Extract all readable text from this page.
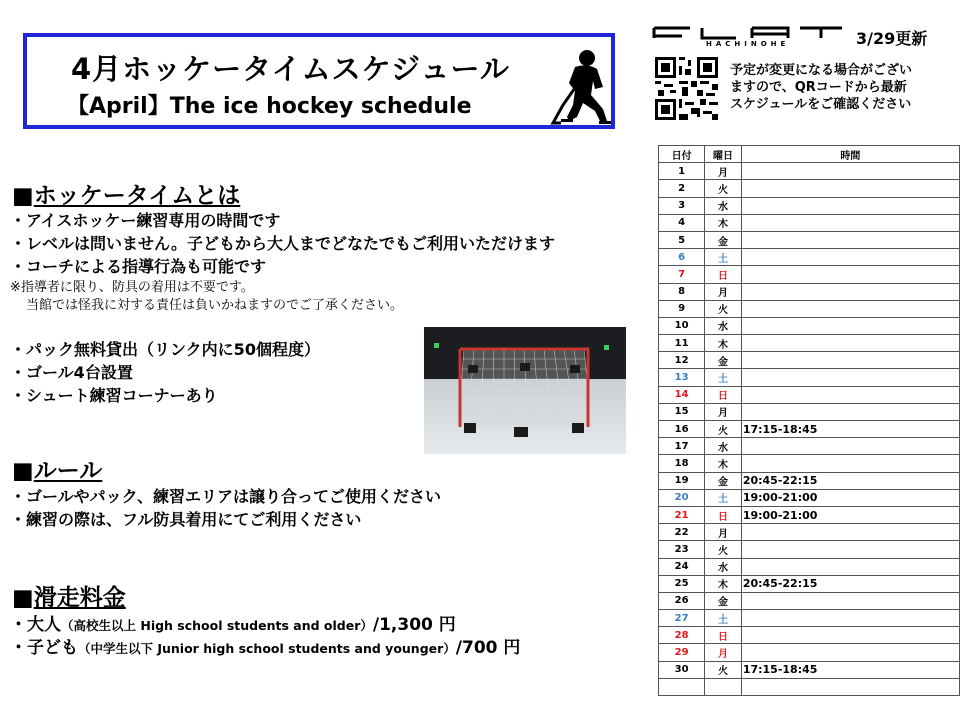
4月ホッケータイムスケジュール
【April】The ice hockey schedule
HACHINOHE	3/29更新
予定が変更になる場合がござい
ますので、QRコードから最新
スケジュールをご確認ください
■ホッケータイムとは
・アイスホッケー練習専用の時間です
・レベルは問いません。子どもから大人までどなたでもご利用いただけます
・コーチによる指導行為も可能です
※指導者に限り、防具の着用は不要です。
当館では怪我に対する責任は負いかねますのでご了承ください。
・パック無料貸出（リンク内に50個程度）
・ゴール4台設置
・シュート練習コーナーあり
■ルール
・ゴールやパック、練習エリアは譲り合ってご使用ください
・練習の際は、フル防具着用にてご利用ください
■滑走料金
・大人（高校生以上 High school students and older）/1,300 円
・子ども（中学生以下 Junior high school students and younger）/700 円
日付	曜日	時間
1	月	
2	火	
3	水	
4	木	
5	金	
6	土	
7	日	
8	月	
9	火	
10	水	
11	木	
12	金	
13	土	
14	日	
15	月	
16	火	17:15-18:45
17	水	
18	木	
19	金	20:45-22:15
20	土	19:00-21:00
21	日	19:00-21:00
22	月	
23	火	
24	水	
25	木	20:45-22:15
26	金	
27	土	
28	日	
29	月	
30	火	17:15-18:45
